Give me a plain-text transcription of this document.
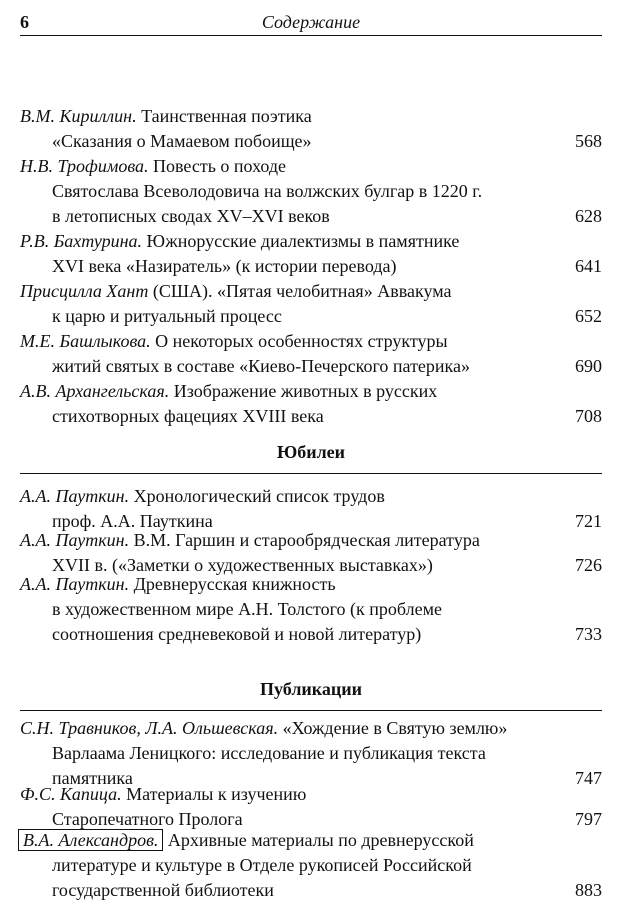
6	Содержание
В.М. Кириллин. Таинственная поэтика
«Сказания о Мамаевом побоище»	568
Н.В. Трофимова. Повесть о походе
Святослава Всеволодовича на волжских булгар в 1220 г.
в летописных сводах XV–XVI веков	628
Р.В. Бахтурина. Южнорусские диалектизмы в памятнике
XVI века «Назиратель» (к истории перевода)	641
Присцилла Хант (США). «Пятая челобитная» Аввакума
к царю и ритуальный процесс	652
М.Е. Башлыкова. О некоторых особенностях структуры
житий святых в составе «Киево-Печерского патерика»	690
А.В. Архангельская. Изображение животных в русских
стихотворных фацециях XVIII века	708
Юбилеи
А.А. Пауткин. Хронологический список трудов
проф. А.А. Пауткина	721
А.А. Пауткин. В.М. Гаршин и старообрядческая литература
XVII в. («Заметки о художественных выставках»)	726
А.А. Пауткин. Древнерусская книжность
в художественном мире А.Н. Толстого (к проблеме
соотношения средневековой и новой литератур)	733
Публикации
С.Н. Травников, Л.А. Ольшевская. «Хождение в Святую землю»
Варлаама Леницкого: исследование и публикация текста
памятника	747
Ф.С. Капица. Материалы к изучению
Старопечатного Пролога	797
В.А. Александров. Архивные материалы по древнерусской
литературе и культуре в Отделе рукописей Российской
государственной библиотеки	883
